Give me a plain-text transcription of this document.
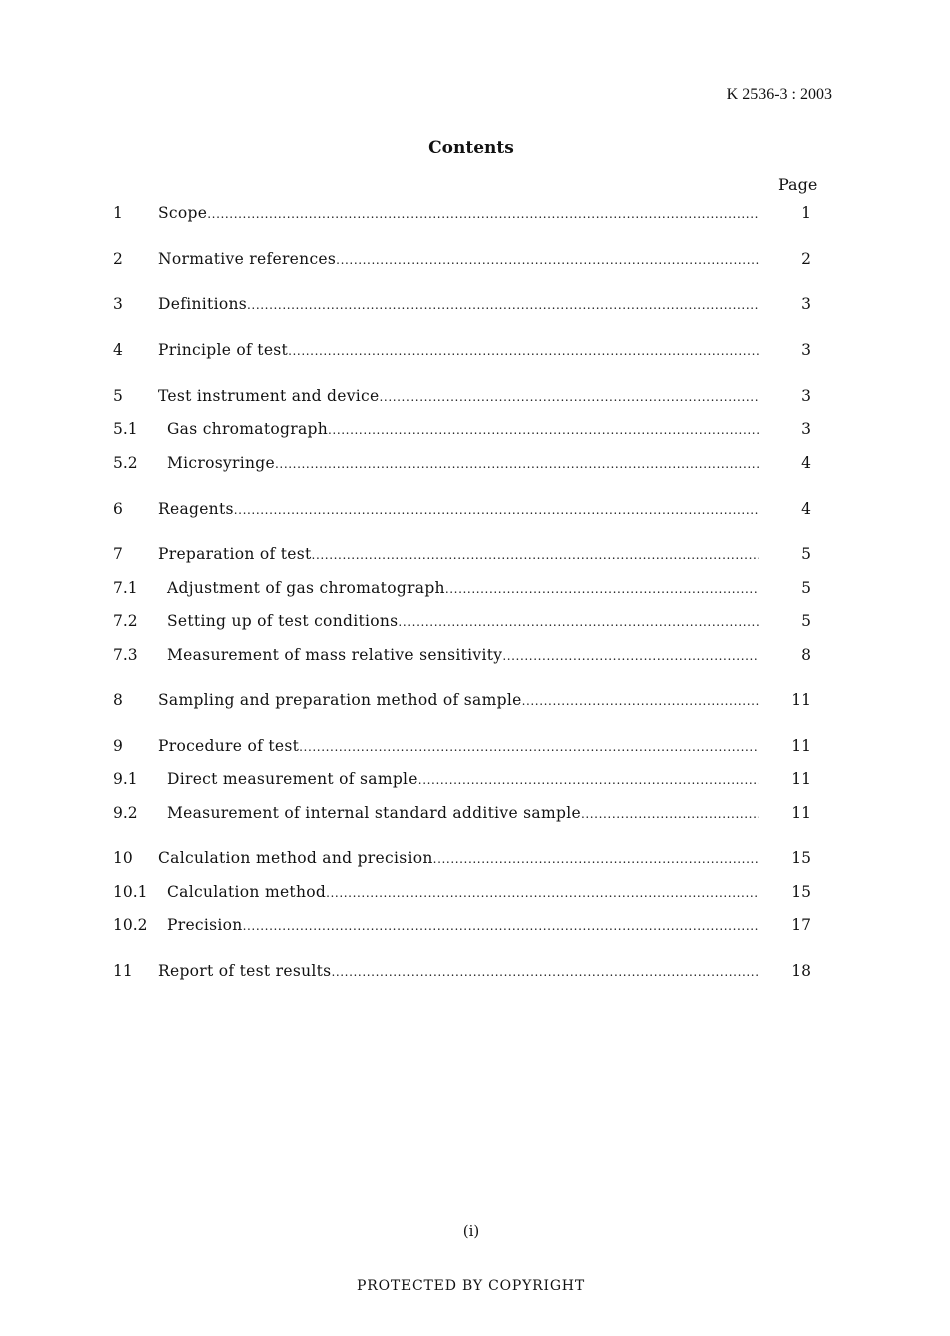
K 2536-3 : 2003
Contents
Page
1	Scope .....	1
2	Normative references .....	2
3	Definitions .....	3
4	Principle of test .....	3
5	Test instrument and device .....	3
5.1	Gas chromatograph .....	3
5.2	Microsyringe .....	4
6	Reagents .....	4
7	Preparation of test .....	5
7.1	Adjustment of gas chromatograph .....	5
7.2	Setting up of test conditions .....	5
7.3	Measurement of mass relative sensitivity .....	8
8	Sampling and preparation method of sample .....	11
9	Procedure of test .....	11
9.1	Direct measurement of sample .....	11
9.2	Measurement of internal standard additive sample .....	11
10	Calculation method and precision .....	15
10.1	Calculation method .....	15
10.2	Precision .....	17
11	Report of test results .....	18
(i)
PROTECTED BY COPYRIGHT
